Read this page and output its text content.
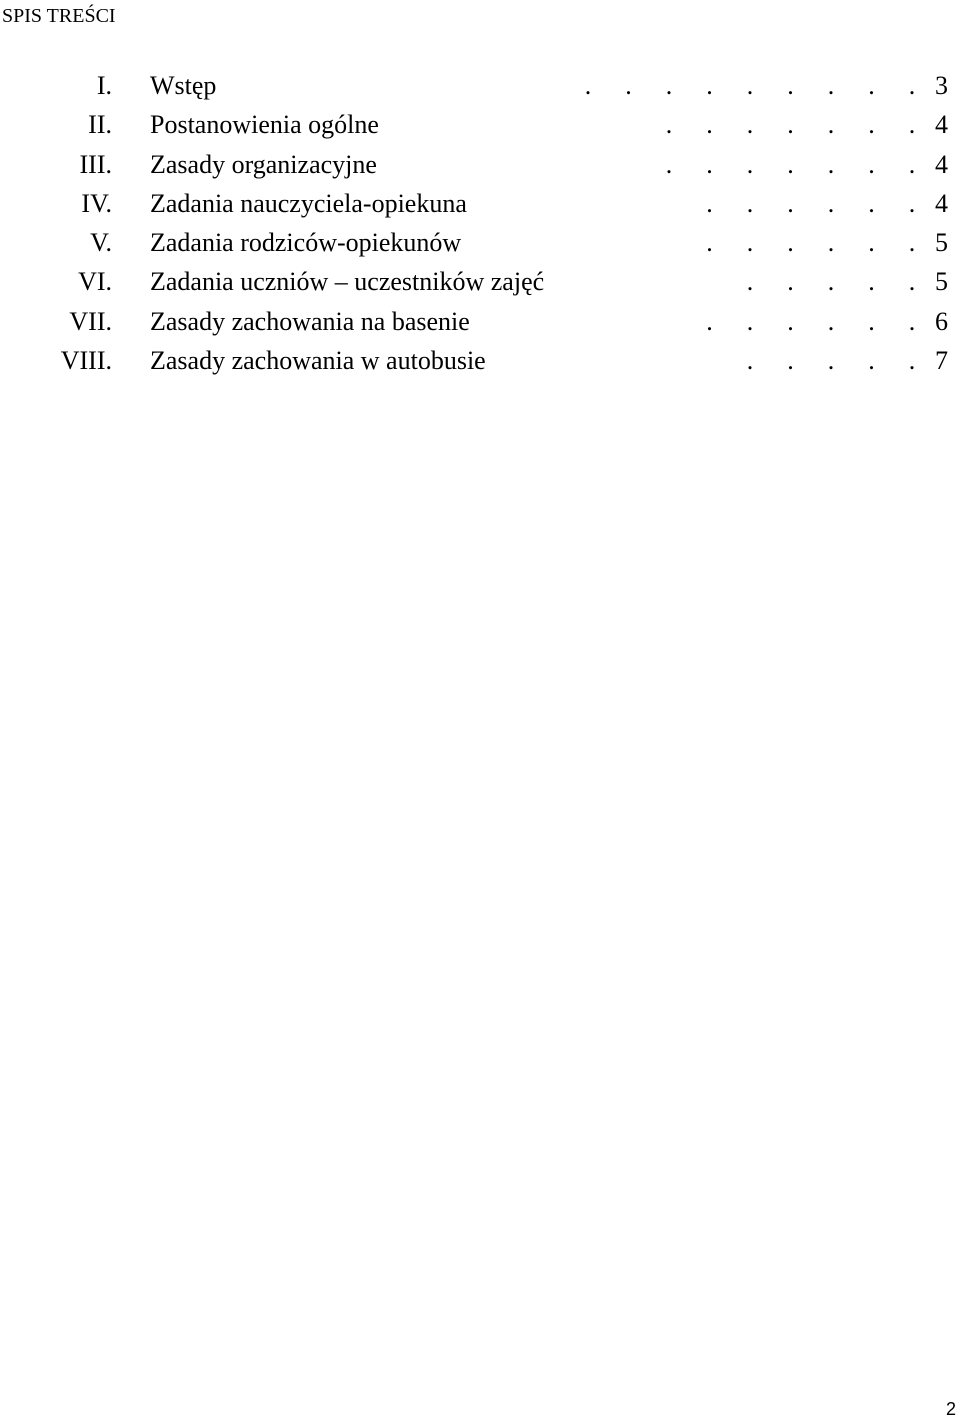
SPIS TREŚCI
I. Wstęp	. . . . . . . . . 3
II. Postanowienia ogólne	. . . . . . . 4
III. Zasady organizacyjne	. . . . . . . 4
IV. Zadania nauczyciela-opiekuna	. . . . . . 4
V. Zadania rodziców-opiekunów	. . . . . . 5
VI. Zadania uczniów – uczestników zajęć	. . . . . 5
VII. Zasady zachowania na basenie	. . . . . . 6
VIII. Zasady zachowania w autobusie	. . . . . 7
2
